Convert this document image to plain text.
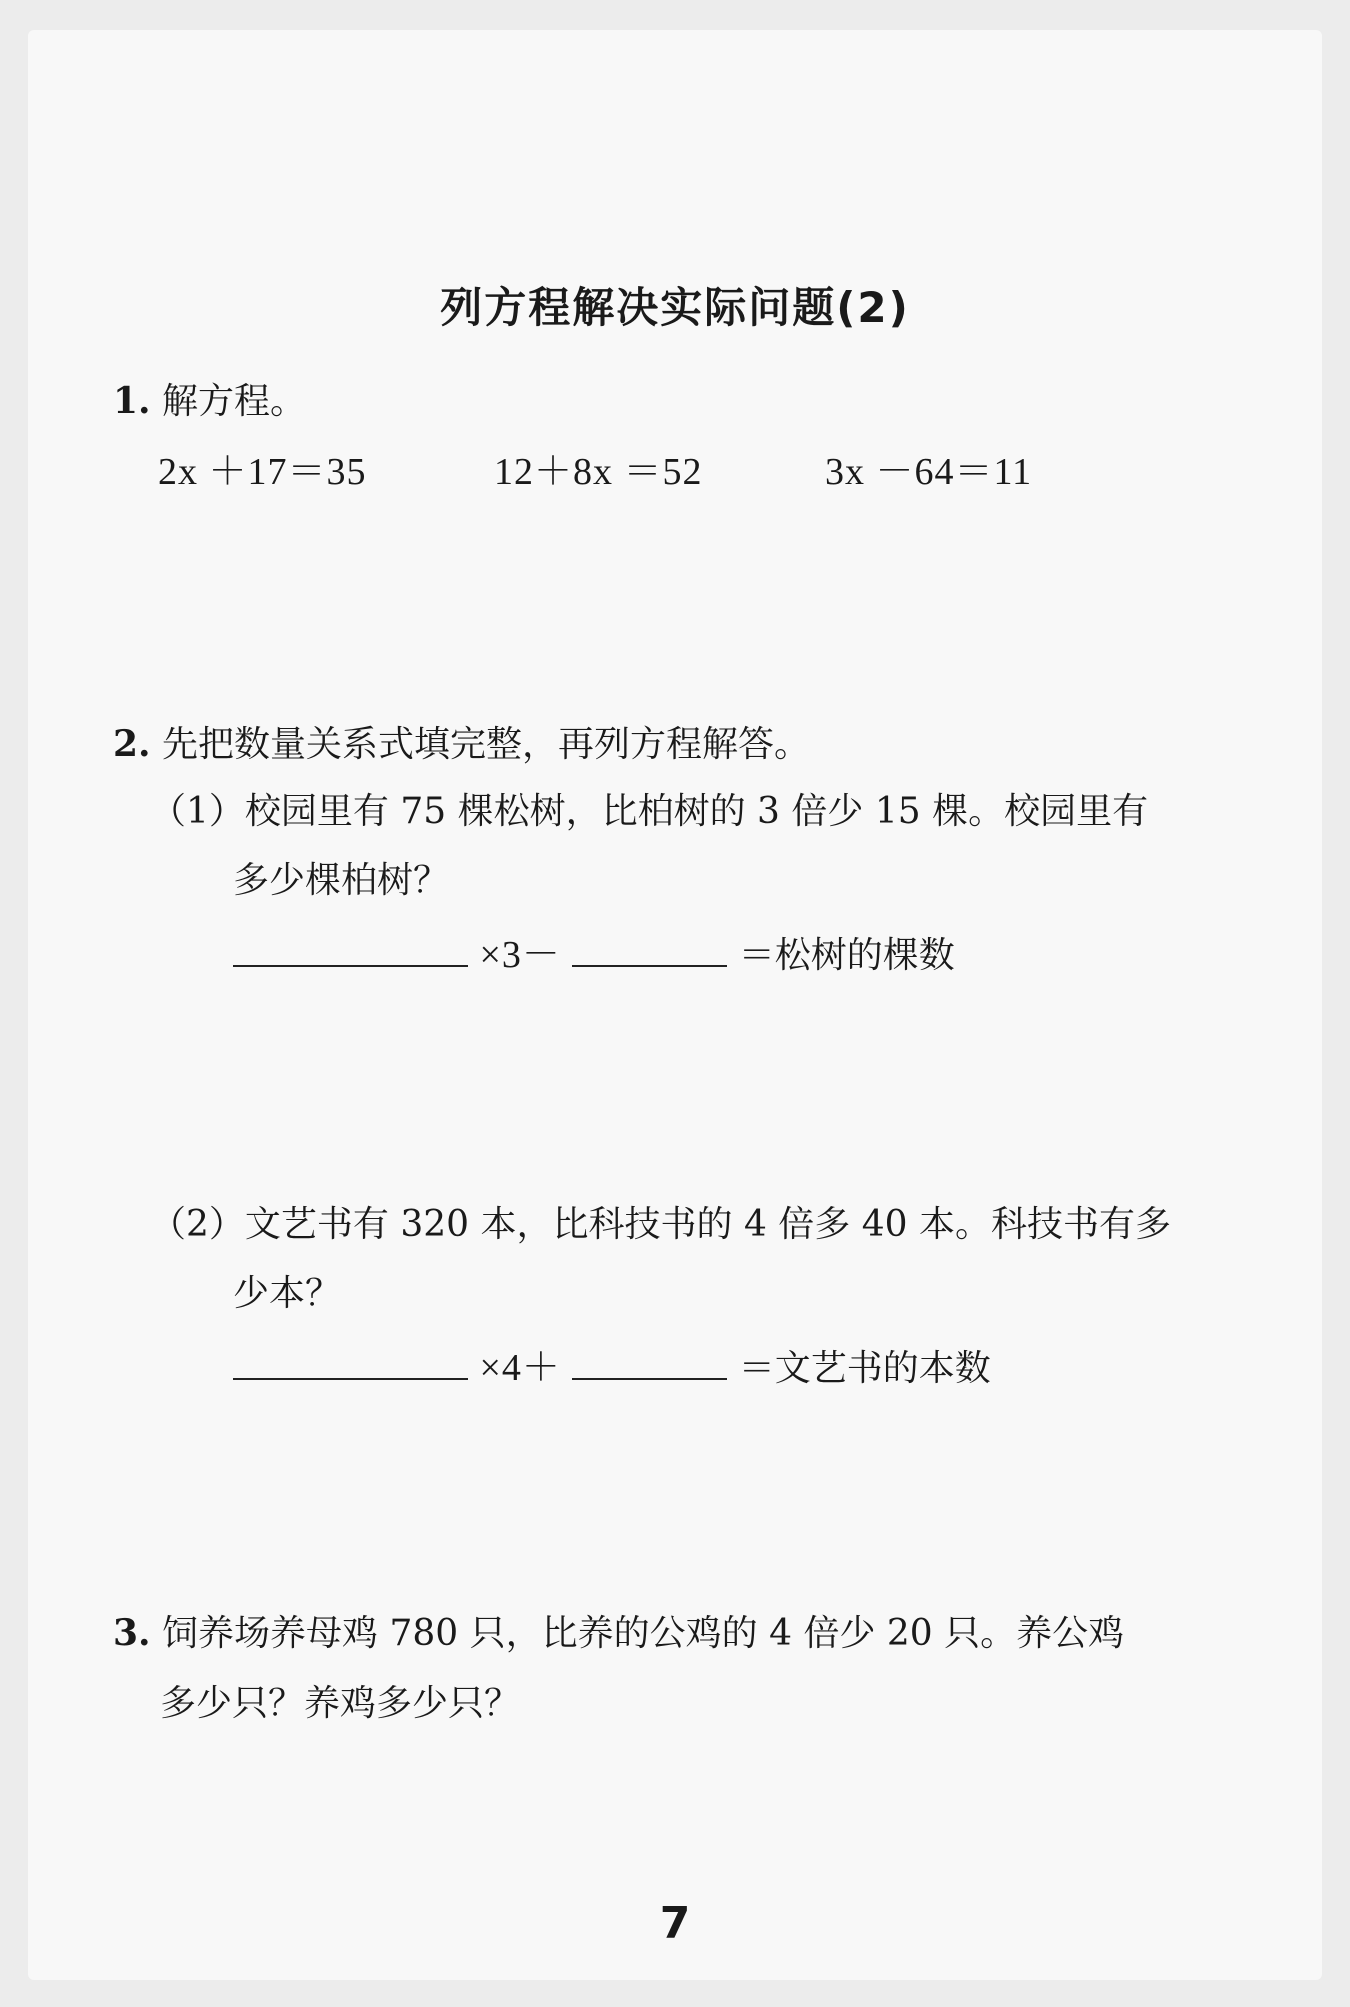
列方程解决实际问题(2)
1. 解方程。
2x ＋17＝35	12＋8x ＝52	3x －64＝11
2. 先把数量关系式填完整，再列方程解答。
（1）校园里有 75 棵松树，比柏树的 3 倍少 15 棵。校园里有
多少棵柏树？
×3－	＝松树的棵数
（2）文艺书有 320 本，比科技书的 4 倍多 40 本。科技书有多
少本？
×4＋	＝文艺书的本数
3. 饲养场养母鸡 780 只，比养的公鸡的 4 倍少 20 只。养公鸡
多少只？养鸡多少只？
7
